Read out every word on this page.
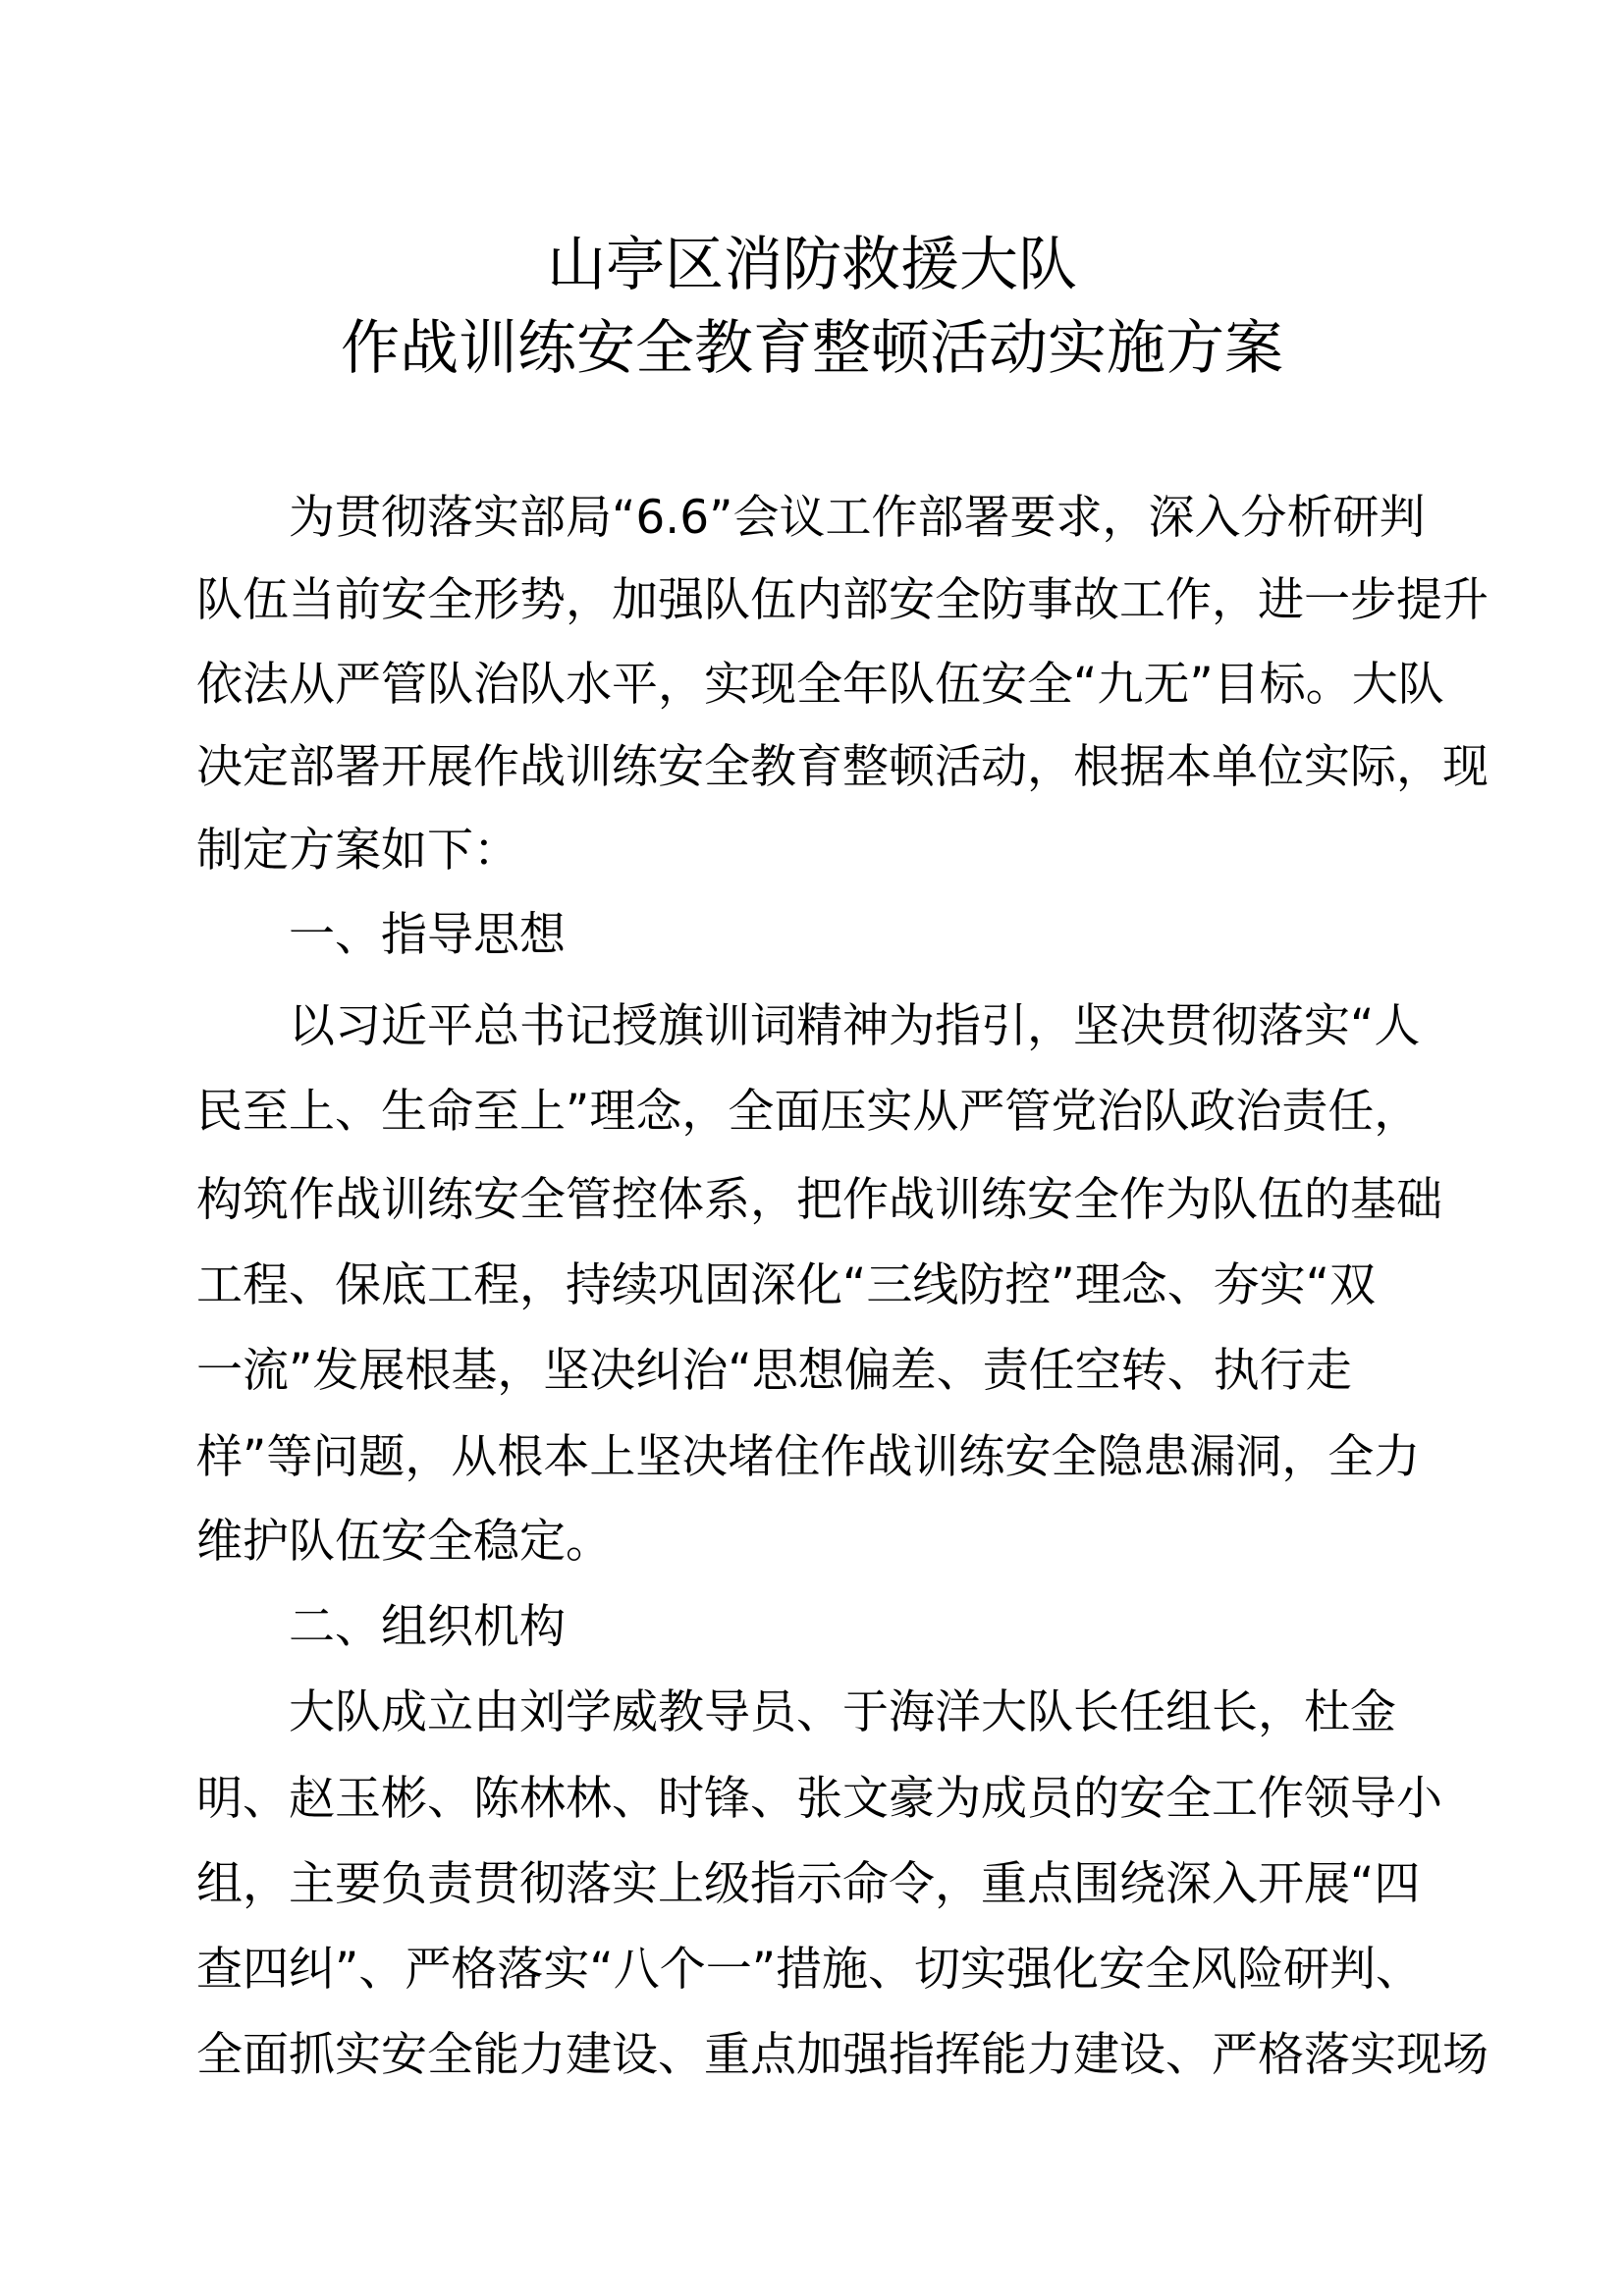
山亭区消防救援大队
作战训练安全教育整顿活动实施方案
为贯彻落实部局“6.6”会议工作部署要求，深入分析研判
队伍当前安全形势，加强队伍内部安全防事故工作，进一步提升
依法从严管队治队水平，实现全年队伍安全“九无”目标。大队
决定部署开展作战训练安全教育整顿活动，根据本单位实际，现
制定方案如下：
一、指导思想
以习近平总书记授旗训词精神为指引，坚决贯彻落实“人
民至上、生命至上”理念，全面压实从严管党治队政治责任，
构筑作战训练安全管控体系，把作战训练安全作为队伍的基础
工程、保底工程，持续巩固深化“三线防控”理念、夯实“双
一流”发展根基，坚决纠治“思想偏差、责任空转、执行走
样”等问题，从根本上坚决堵住作战训练安全隐患漏洞，全力
维护队伍安全稳定。
二、组织机构
大队成立由刘学威教导员、于海洋大队长任组长，杜金
明、赵玉彬、陈林林、时锋、张文豪为成员的安全工作领导小
组，主要负责贯彻落实上级指示命令，重点围绕深入开展“四
查四纠”、严格落实“八个一”措施、切实强化安全风险研判、
全面抓实安全能力建设、重点加强指挥能力建设、严格落实现场
